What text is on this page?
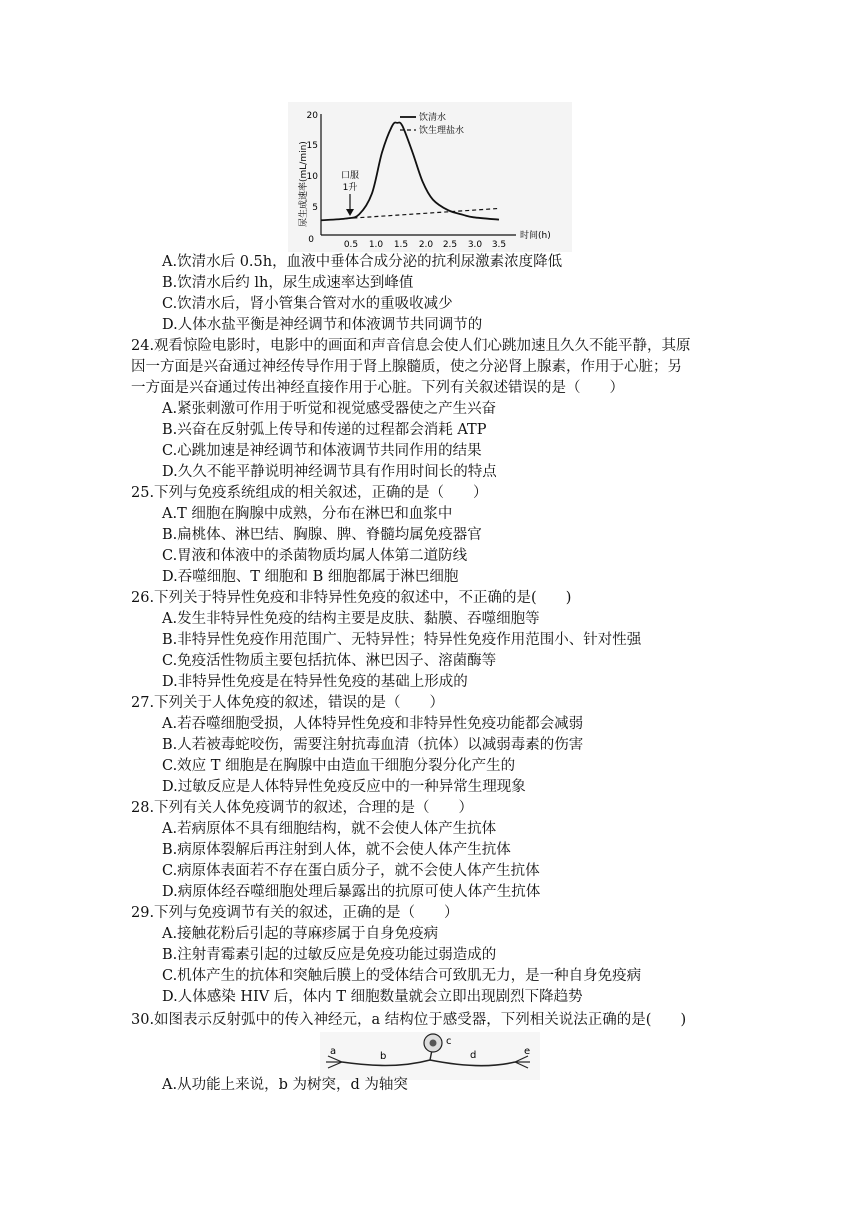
尿生成速率(mL/min)
时间(h)
0
5
10
15
20
0.5 1.0 1.5 2.0 2.5 3.0 3.5
饮清水
饮生理盐水
口服
1升
A.饮清水后 0.5h，血液中垂体合成分泌的抗利尿激素浓度降低
B.饮清水后约 lh，尿生成速率达到峰值
C.饮清水后，肾小管集合管对水的重吸收减少
D.人体水盐平衡是神经调节和体液调节共同调节的
24.观看惊险电影时，电影中的画面和声音信息会使人们心跳加速且久久不能平静，其原
因一方面是兴奋通过神经传导作用于肾上腺髓质，使之分泌肾上腺素，作用于心脏；另
一方面是兴奋通过传出神经直接作用于心脏。下列有关叙述错误的是（　　）
A.紧张刺激可作用于听觉和视觉感受器使之产生兴奋
B.兴奋在反射弧上传导和传递的过程都会消耗 ATP
C.心跳加速是神经调节和体液调节共同作用的结果
D.久久不能平静说明神经调节具有作用时间长的特点
25.下列与免疫系统组成的相关叙述，正确的是（　　）
A.T 细胞在胸腺中成熟，分布在淋巴和血浆中
B.扁桃体、淋巴结、胸腺、脾、脊髓均属免疫器官
C.胃液和体液中的杀菌物质均属人体第二道防线
D.吞噬细胞、T 细胞和 B 细胞都属于淋巴细胞
26.下列关于特异性免疫和非特异性免疫的叙述中，不正确的是(　　)
A.发生非特异性免疫的结构主要是皮肤、黏膜、吞噬细胞等
B.非特异性免疫作用范围广、无特异性；特异性免疫作用范围小、针对性强
C.免疫活性物质主要包括抗体、淋巴因子、溶菌酶等
D.非特异性免疫是在特异性免疫的基础上形成的
27.下列关于人体免疫的叙述，错误的是（　　）
A.若吞噬细胞受损，人体特异性免疫和非特异性免疫功能都会减弱
B.人若被毒蛇咬伤，需要注射抗毒血清（抗体）以减弱毒素的伤害
C.效应 T 细胞是在胸腺中由造血干细胞分裂分化产生的
D.过敏反应是人体特异性免疫反应中的一种异常生理现象
28.下列有关人体免疫调节的叙述，合理的是（　　）
A.若病原体不具有细胞结构，就不会使人体产生抗体
B.病原体裂解后再注射到人体，就不会使人体产生抗体
C.病原体表面若不存在蛋白质分子，就不会使人体产生抗体
D.病原体经吞噬细胞处理后暴露出的抗原可使人体产生抗体
29.下列与免疫调节有关的叙述，正确的是（　　）
A.接触花粉后引起的荨麻疹属于自身免疫病
B.注射青霉素引起的过敏反应是免疫功能过弱造成的
C.机体产生的抗体和突触后膜上的受体结合可致肌无力，是一种自身免疫病
D.人体感染 HIV 后，体内 T 细胞数量就会立即出现剧烈下降趋势
30.如图表示反射弧中的传入神经元，a 结构位于感受器，下列相关说法正确的是(　　)
a	b
c
d	e
A.从功能上来说，b 为树突，d 为轴突
